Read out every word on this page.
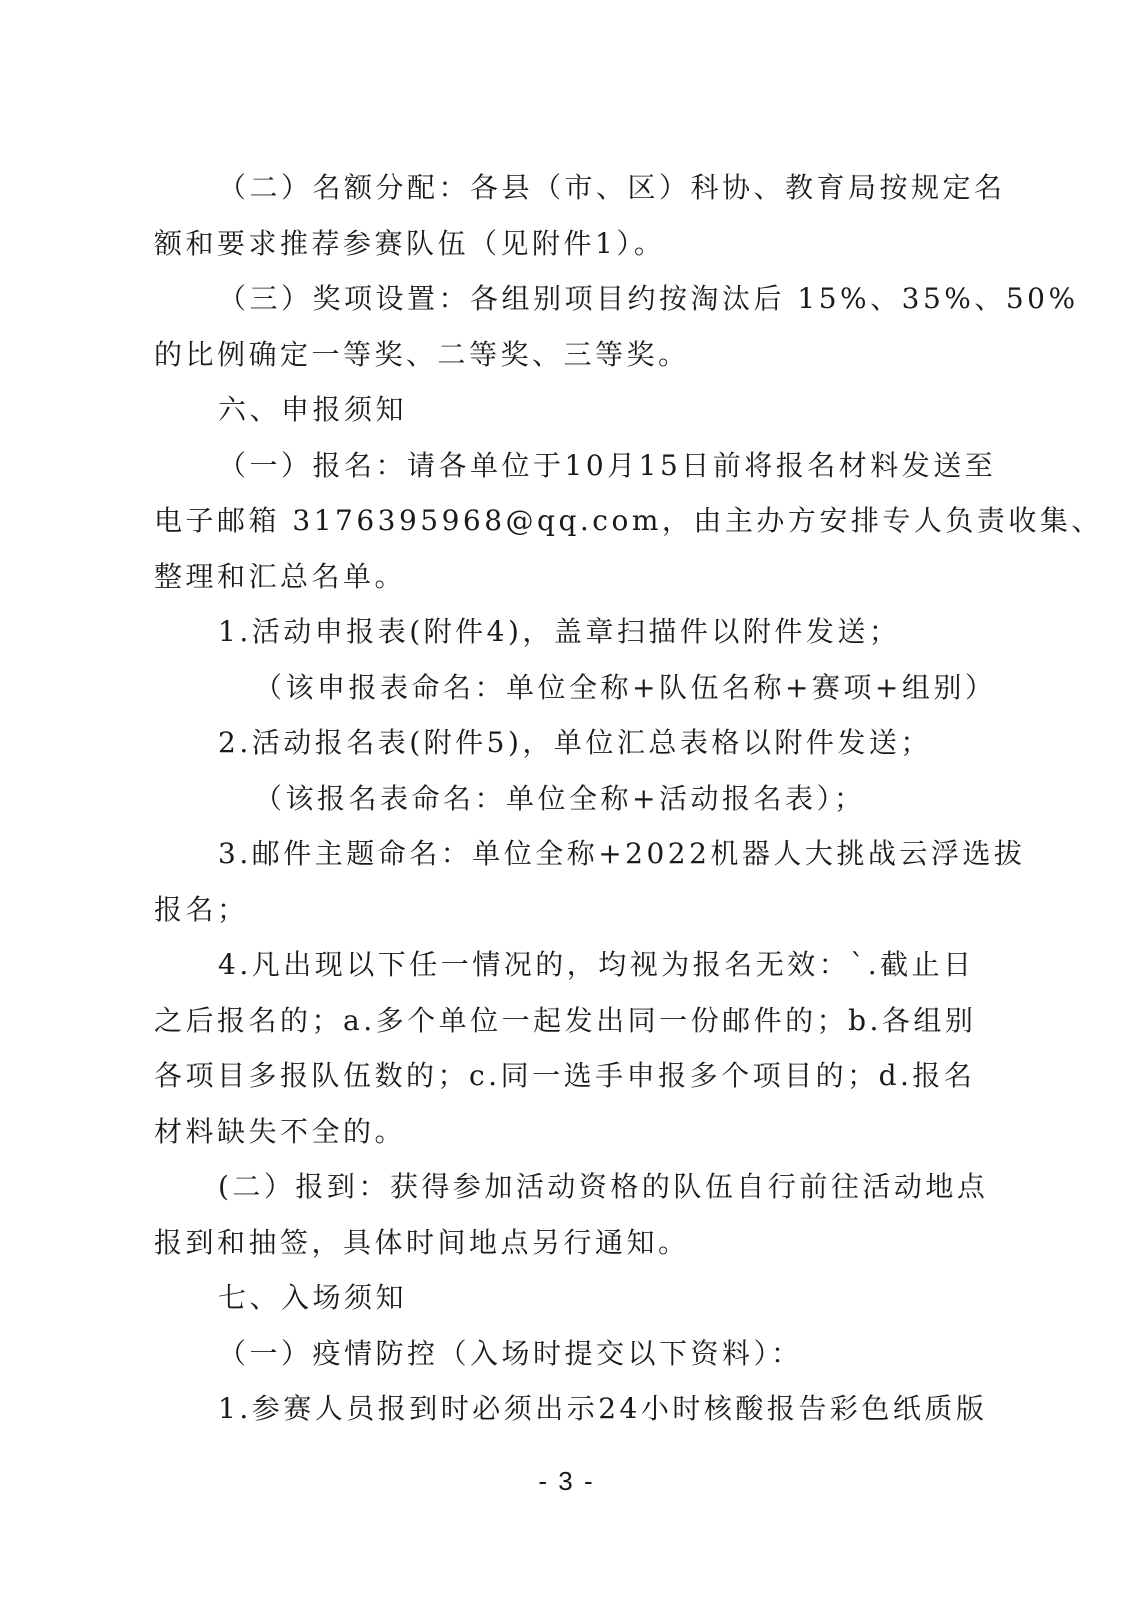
（二）名额分配：各县（市、区）科协、教育局按规定名
额和要求推荐参赛队伍（见附件1）。
（三）奖项设置：各组别项目约按淘汰后 15%、35%、50%
的比例确定一等奖、二等奖、三等奖。
六、申报须知
（一）报名：请各单位于10月15日前将报名材料发送至
电子邮箱 3176395968@qq.com，由主办方安排专人负责收集、
整理和汇总名单。
1.活动申报表(附件4)，盖章扫描件以附件发送；
（该申报表命名：单位全称+队伍名称+赛项+组别）
2.活动报名表(附件5)，单位汇总表格以附件发送；
（该报名表命名：单位全称+活动报名表）；
3.邮件主题命名：单位全称+2022机器人大挑战云浮选拔
报名；
4.凡出现以下任一情况的，均视为报名无效：`.截止日
之后报名的；a.多个单位一起发出同一份邮件的；b.各组别
各项目多报队伍数的；c.同一选手申报多个项目的；d.报名
材料缺失不全的。
(二）报到：获得参加活动资格的队伍自行前往活动地点
报到和抽签，具体时间地点另行通知。
七、入场须知
（一）疫情防控（入场时提交以下资料）：
1.参赛人员报到时必须出示24小时核酸报告彩色纸质版
- 3 -
